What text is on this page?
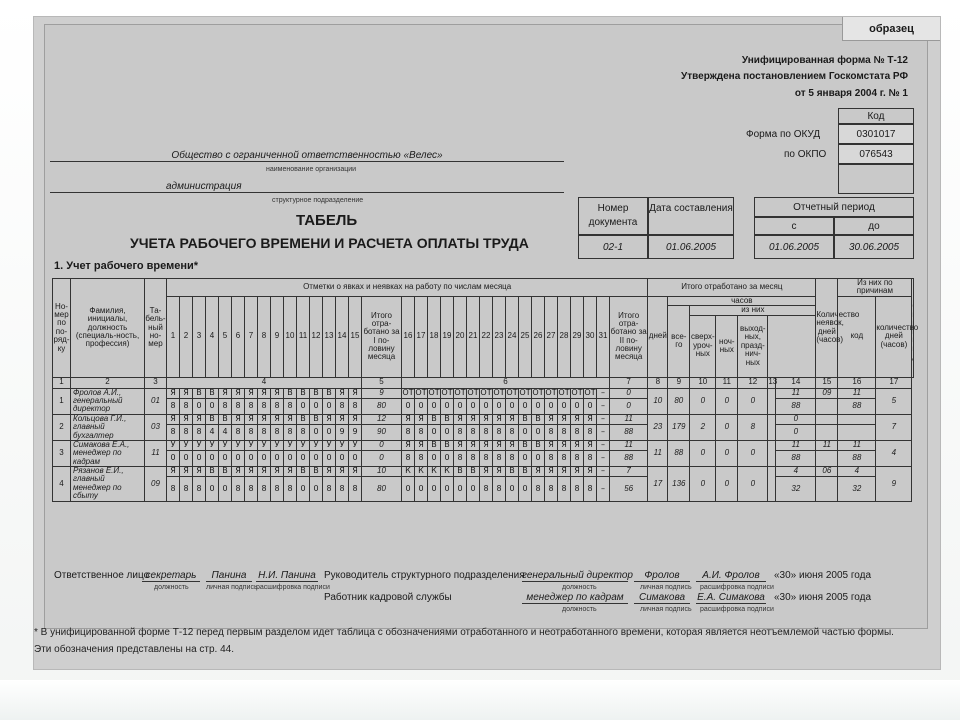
образец
Унифицированная форма № Т-12
Утверждена постановлением Госкомстата РФ
от 5 января 2004 г. № 1
Код
0301017
076543
Форма по ОКУД
по ОКПО
Общество с ограниченной ответственностью «Велес»
наименование организации
администрация
структурное подразделение
Номер документа
Дата составления
02-1	01.06.2005
Отчетный период
с	до
01.06.2005	30.06.2005
ТАБЕЛЬ
УЧЕТА РАБОЧЕГО ВРЕМЕНИ И РАСЧЕТА ОПЛАТЫ ТРУДА
1. Учет рабочего времени*
Но-мер по по-ряд-ку	Фамилия, инициалы, должность (специаль-ность, профессия)	Та-бель-ный но-мер	Отметки о явках и неявках на работу по числам месяца																																	Итого отработано за месяц							Количество неявок, дней (часов)	Из них по причинам	
			1	2	3	4	5	6	7	8	9	10	11	12	13	14	15	Итого отра-ботано за I по-ловину месяца	16	17	18	19	20	21	22	23	24	25	26	27	28	29	30	31	Итого отра-ботано за II по-ловину месяца	дней	часов							код	количество дней (часов)	
																																					все-го	из них								
																																						сверх-уроч-ных	ноч-ных	выход-ных, празд-нич-ных						
1	2	3	4															5	6																7	8	9	10	11	12	13	14	15	16	17	
1	Фролов А.И., генеральный директор	01	Я	Я	В	В	Я	Я	Я	Я	Я	В	В	В	В	Я	Я	9	ОТ	ОТ	ОТ	ОТ	ОТ	ОТ	ОТ	ОТ	ОТ	ОТ	ОТ	ОТ	ОТ	ОТ	ОТ	–	0	10	80	0	0	0		11	09	11	5	

			8	8	0	0	8	8	8	8	8	8	0	0	0	8	8	80	0	0	0	0	0	0	0	0	0	0	0	0	0	0	0	–	0							88		88		

2	Кольцова Г.И., главный бухгалтер	03	Я	Я	Я	В	В	Я	Я	Я	Я	Я	В	В	Я	Я	Я	12	Я	Я	В	В	Я	Я	Я	Я	Я	В	В	Я	Я	Я	Я	–	11	23	179	2	0	8		0			7	

			8	8	8	4	4	8	8	8	8	8	8	0	0	9	9	90	8	8	0	0	8	8	8	8	8	0	0	8	8	8	8	–	88							0				

3	Симакова Е.А., менеджер по кадрам	11	У	У	У	У	У	У	У	У	У	У	У	У	У	У	У	0	Я	Я	В	В	Я	Я	Я	Я	Я	В	В	Я	Я	Я	Я	–	11	11	88	0	0	0		11	11	11	4	

			0	0	0	0	0	0	0	0	0	0	0	0	0	0	0	0	8	8	0	0	8	8	8	8	8	0	0	8	8	8	8	–	88							88		88		

4	Рязанов Е.И., главный менеджер по сбыту	09	Я	Я	Я	В	В	Я	Я	Я	Я	Я	В	В	Я	Я	Я	10	К	К	К	К	В	В	Я	Я	В	В	Я	Я	Я	Я	Я	–	7	17	136	0	0	0		4	06	4	9	

			8	8	8	0	0	8	8	8	8	8	0	0	8	8	8	80	0	0	0	0	0	0	8	8	0	0	8	8	8	8	8	–	56							32		32		

Ответственное лицо
секретарь	Панина	Н.И. Панина
должность личная подпись
расшифровка подписи
Руководитель структурного подразделения
генеральный директор	Фролов	А.И. Фролов	«30» июня 2005 года
должность	личная подпись расшифровка подписи
Работник кадровой службы	менеджер по кадрам	Симакова	Е.А. Симакова «30» июня 2005 года
должность	личная подпись расшифровка подписи
* В унифицированной форме Т-12 перед первым разделом идет таблица с обозначениями отработанного и неотработанного времени, которая является неотъемлемой частью формы. Эти обозначения представлены на стр. 44.
